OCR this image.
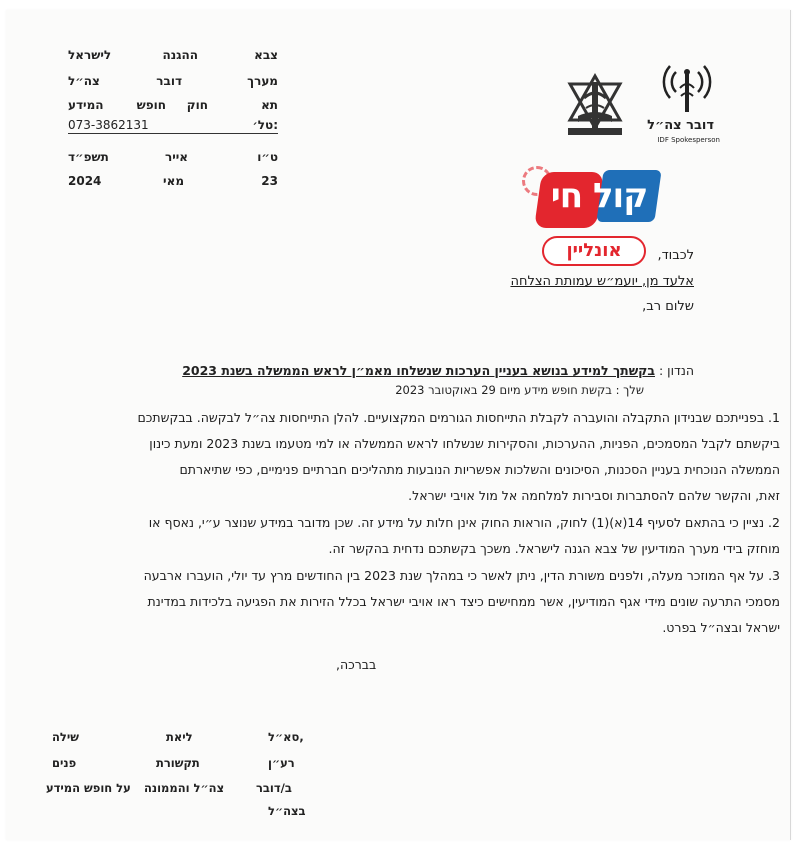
צבא
ההגנה
לישראל
מערך
דובר
צה״ל
תא
חוק
חופש
המידע
טל׳:
073-3862131
ט״ו
אייר
תשפ״ד
23
מאי
2024
דובר צה״ל
IDF Spokesperson
קול חי
אונליין	לכבוד,
אלעד מן, יועמ״ש עמותת הצלחה
שלום רב,
הנדון : בקשתך למידע בנושא בעניין הערכות שנשלחו מאמ״ן לראש הממשלה בשנת 2023
שלך : בקשת חופש מידע מיום 29 באוקטובר 2023
1. בפנייתכם שבנידון התקבלה והועברה לקבלת התייחסות הגורמים המקצועיים. להלן התייחסות צה״ל לבקשה. בבקשתכם
ביקשתם לקבל המסמכים, הפניות, ההערכות, והסקירות שנשלחו לראש הממשלה או למי מטעמו בשנת 2023 ומעת כינון
הממשלה הנוכחית בעניין הסכנות, הסיכונים והשלכות אפשריות הנובעות מתהליכים חברתיים פנימיים, כפי שתיארתם
זאת, והקשר שלהם להסתברות וסבירות למלחמה אל מול אויבי ישראל.
2. נציין כי בהתאם לסעיף 14(א)(1) לחוק, הוראות החוק אינן חלות על מידע זה. שכן מדובר במידע שנוצר ע״י, נאסף או
מוחזק בידי מערך המודיעין של צבא הגנה לישראל. משכך בקשתכם נדחית בהקשר זה.
3. על אף המוזכר מעלה, ולפנים משורת הדין, ניתן לאשר כי במהלך שנת 2023 בין החודשים מרץ עד יולי, הועברו ארבעה
מסמכי התרעה שונים מידי אגף המודיעין, אשר ממחישים כיצד ראו אויבי ישראל בכלל הזירות את הפגיעה בלכידות במדינת
ישראל ובצה״ל בפרט.
בברכה,
סא״ל,
רע״ן
ב/דובר
בצה״ל
ליאת
תקשורת
צה״ל והממונה
שילה
פנים
על חופש המידע
